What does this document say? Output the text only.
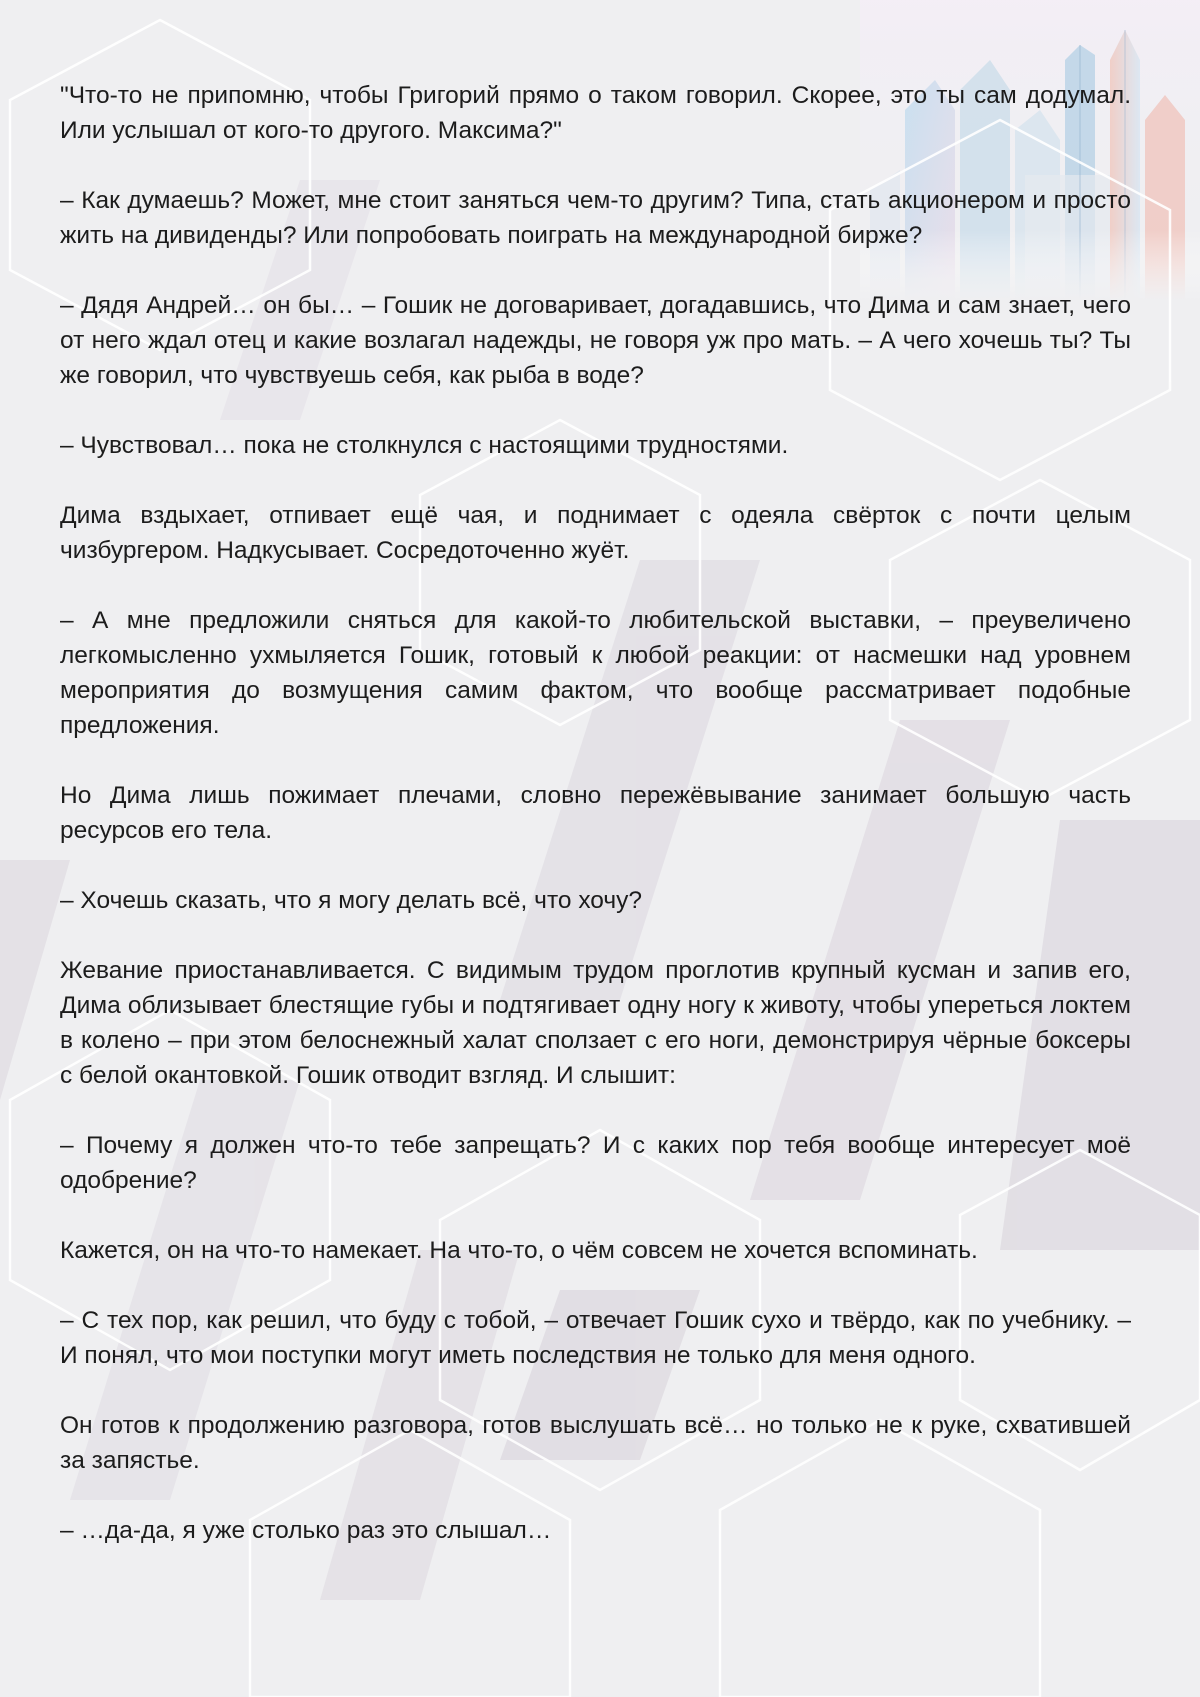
"Что-то не припомню, чтобы Григорий прямо о таком говорил. Скорее, это ты сам додумал. Или услышал от кого-то другого. Максима?"

– Как думаешь? Может, мне стоит заняться чем-то другим? Типа, стать акционером и просто жить на дивиденды? Или попробовать поиграть на международной бирже?

– Дядя Андрей… он бы… – Гошик не договаривает, догадавшись, что Дима и сам знает, чего от него ждал отец и какие возлагал надежды, не говоря уж про мать. – А чего хочешь ты? Ты же говорил, что чувствуешь себя, как рыба в воде?

– Чувствовал… пока не столкнулся с настоящими трудностями.

Дима вздыхает, отпивает ещё чая, и поднимает с одеяла свёрток с почти целым чизбургером. Надкусывает. Сосредоточенно жуёт.

– А мне предложили сняться для какой-то любительской выставки, – преувеличено легкомысленно ухмыляется Гошик, готовый к любой реакции: от насмешки над уровнем мероприятия до возмущения самим фактом, что вообще рассматривает подобные предложения.

Но Дима лишь пожимает плечами, словно пережёвывание занимает большую часть ресурсов его тела.

– Хочешь сказать, что я могу делать всё, что хочу?

Жевание приостанавливается. С видимым трудом проглотив крупный кусман и запив его, Дима облизывает блестящие губы и подтягивает одну ногу к животу, чтобы упереться локтем в колено – при этом белоснежный халат сползает с его ноги, демонстрируя чёрные боксеры с белой окантовкой. Гошик отводит взгляд. И слышит:

– Почему я должен что-то тебе запрещать? И с каких пор тебя вообще интересует моё одобрение?

Кажется, он на что-то намекает. На что-то, о чём совсем не хочется вспоминать.

– С тех пор, как решил, что буду с тобой, – отвечает Гошик сухо и твёрдо, как по учебнику. – И понял, что мои поступки могут иметь последствия не только для меня одного.

Он готов к продолжению разговора, готов выслушать всё… но только не к руке, схватившей за запястье.

– …да-да, я уже столько раз это слышал…
